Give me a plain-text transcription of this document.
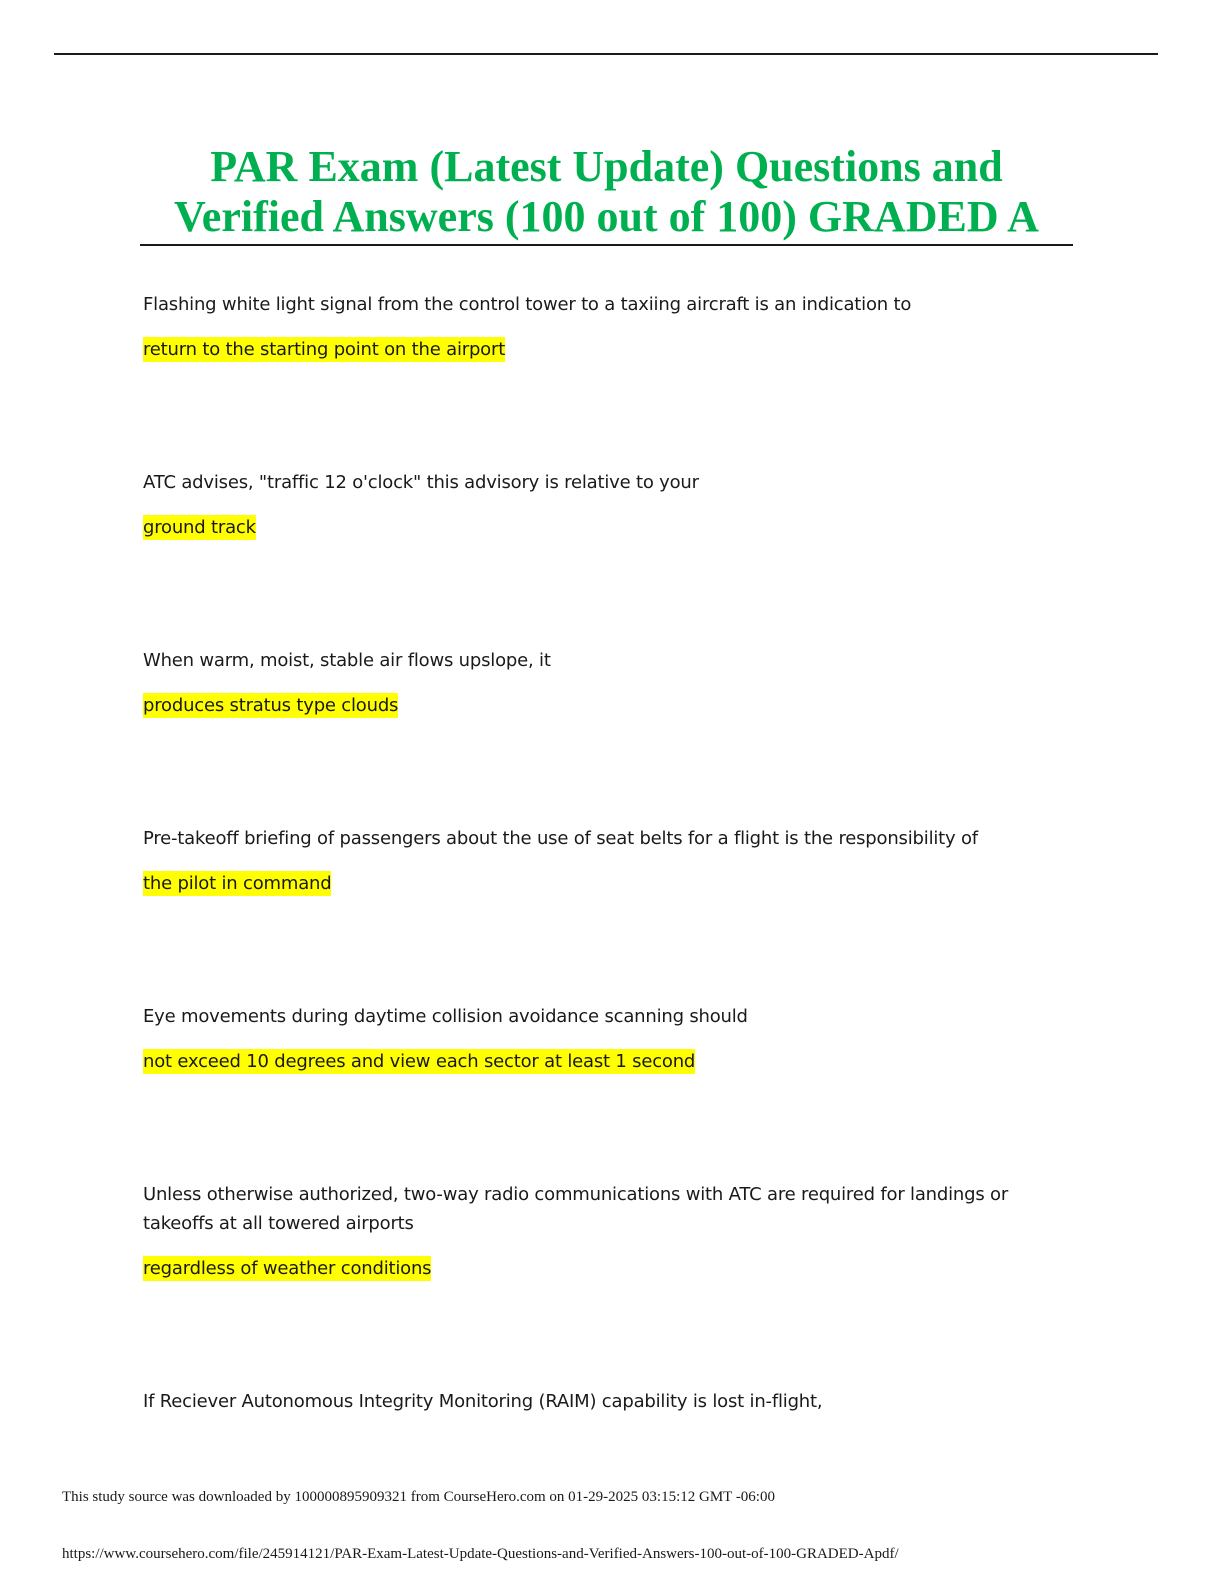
PAR Exam (Latest Update) Questions and Verified Answers (100 out of 100) GRADED A

Flashing white light signal from the control tower to a taxiing aircraft is an indication to

return to the starting point on the airport

ATC advises, "traffic 12 o'clock" this advisory is relative to your

ground track

When warm, moist, stable air flows upslope, it

produces stratus type clouds

Pre-takeoff briefing of passengers about the use of seat belts for a flight is the responsibility of

the pilot in command

Eye movements during daytime collision avoidance scanning should

not exceed 10 degrees and view each sector at least 1 second

Unless otherwise authorized, two-way radio communications with ATC are required for landings or takeoffs at all towered airports

regardless of weather conditions

If Reciever Autonomous Integrity Monitoring (RAIM) capability is lost in-flight,

This study source was downloaded by 100000895909321 from CourseHero.com on 01-29-2025 03:15:12 GMT -06:00

https://www.coursehero.com/file/245914121/PAR-Exam-Latest-Update-Questions-and-Verified-Answers-100-out-of-100-GRADED-Apdf/
